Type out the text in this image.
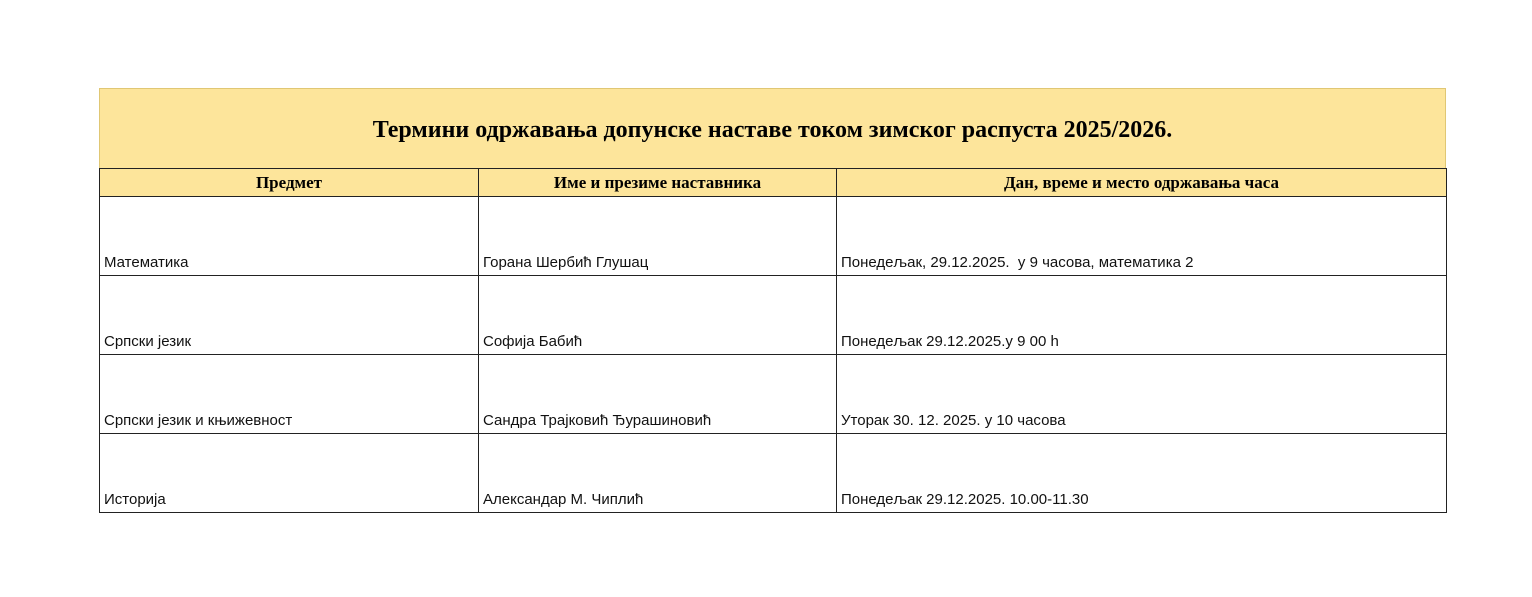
Термини одржавања допунске наставе током зимског распуста 2025/2026.
Предмет	Име и презиме наставника	Дан, време и место одржавања часа
Математика	Горана Шербић Глушац	Понедељак, 29.12.2025.  у 9 часова, математика 2
Српски језик	Софија Бабић	Понедељак 29.12.2025.у 9 00 h
Српски језик и књижевност	Сандра Трајковић Ђурашиновић	Уторак 30. 12. 2025. у 10 часова
Историја	Александар М. Чиплић	Понедељак 29.12.2025. 10.00-11.30
